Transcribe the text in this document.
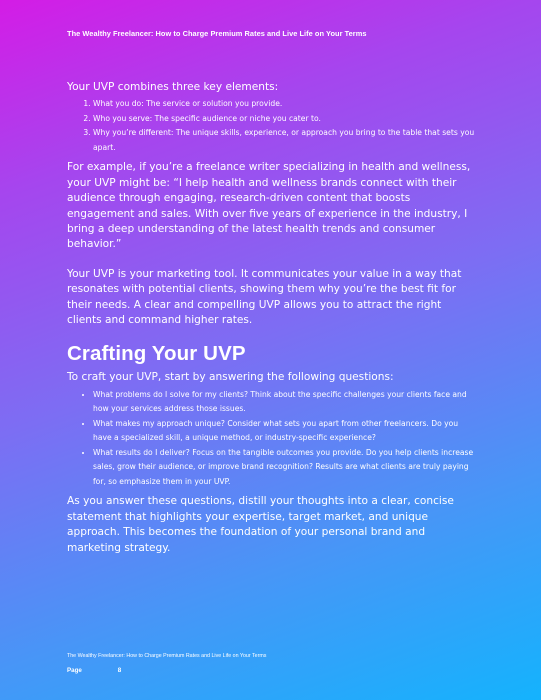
The Wealthy Freelancer: How to Charge Premium Rates and Live Life on Your Terms

Your UVP combines three key elements:

1. What you do: The service or solution you provide.
2. Who you serve: The specific audience or niche you cater to.
3. Why you’re different: The unique skills, experience, or approach you bring to the table that sets you apart.

For example, if you’re a freelance writer specializing in health and wellness, your UVP might be: “I help health and wellness brands connect with their audience through engaging, research-driven content that boosts engagement and sales. With over five years of experience in the industry, I bring a deep understanding of the latest health trends and consumer behavior.”

Your UVP is your marketing tool. It communicates your value in a way that resonates with potential clients, showing them why you’re the best fit for their needs. A clear and compelling UVP allows you to attract the right clients and command higher rates.

Crafting Your UVP

To craft your UVP, start by answering the following questions:

• What problems do I solve for my clients? Think about the specific challenges your clients face and how your services address those issues.
• What makes my approach unique? Consider what sets you apart from other freelancers. Do you have a specialized skill, a unique method, or industry-specific experience?
• What results do I deliver? Focus on the tangible outcomes you provide. Do you help clients increase sales, grow their audience, or improve brand recognition? Results are what clients are truly paying for, so emphasize them in your UVP.

As you answer these questions, distill your thoughts into a clear, concise statement that highlights your expertise, target market, and unique approach. This becomes the foundation of your personal brand and marketing strategy.

The Wealthy Freelancer: How to Charge Premium Rates and Live Life on Your Terms
Page	8
